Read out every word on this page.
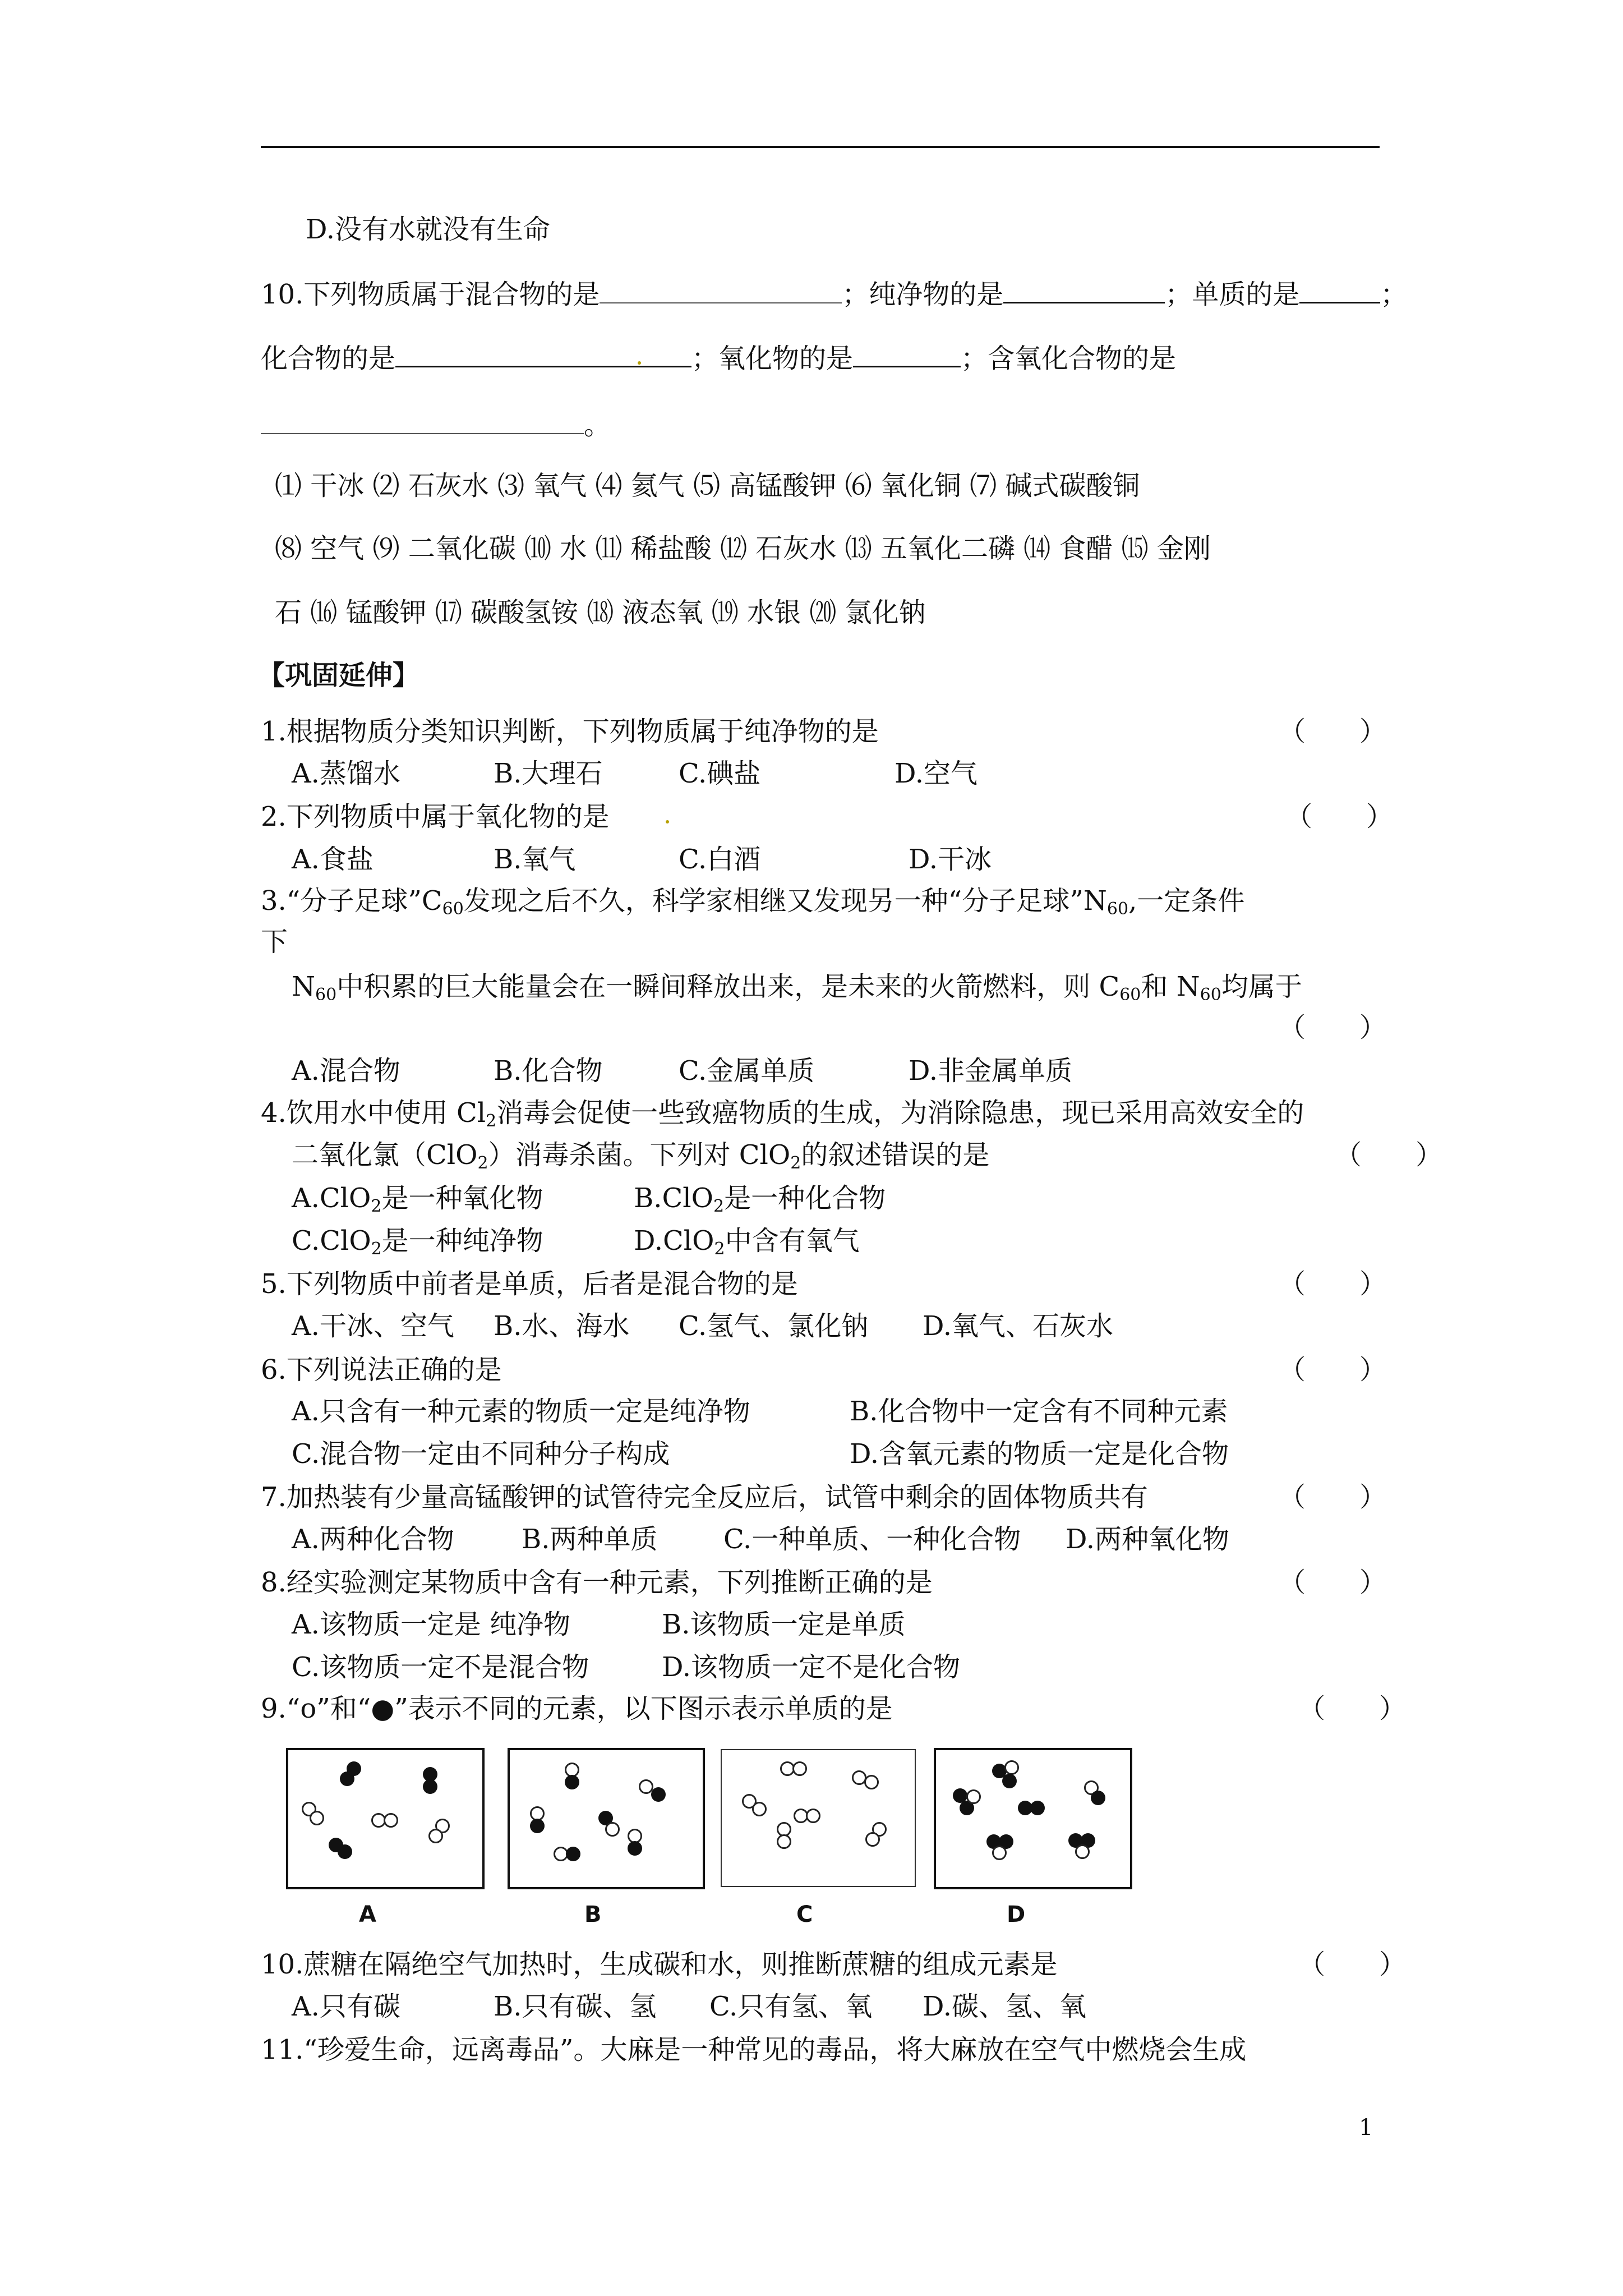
D.没有水就没有生命
10.下列物质属于混合物的是	；纯净物的是	；单质的是	；
化合物的是	；氧化物的是	；含氧化合物的是
。
⑴ 干冰 ⑵ 石灰水 ⑶ 氧气 ⑷ 氦气 ⑸ 高锰酸钾 ⑹ 氧化铜 ⑺ 碱式碳酸铜
⑻ 空气 ⑼ 二氧化碳 ⑽ 水 ⑾ 稀盐酸 ⑿ 石灰水 ⒀ 五氧化二磷 ⒁ 食醋 ⒂ 金刚
石 ⒃ 锰酸钾 ⒄ 碳酸氢铵 ⒅ 液态氧 ⒆ 水银 ⒇ 氯化钠
【巩固延伸】
1.根据物质分类知识判断，下列物质属于纯净物的是	（　　）
A.蒸馏水	B.大理石	C.碘盐	D.空气
2.下列物质中属于氧化物的是	（　　）
A.食盐	B.氧气	C.白酒	D.干冰
3.“分子足球$”C_{60}$发现之后不久，科学家相继又发现另一种“分子足球$”N_{60}$,一定条件
下
$N_{60}$中积累的巨大能量会在一瞬间释放出来，是未来的火箭燃料，则 $C_{60}$和 $N_{60}$均属于
（　　）
A.混合物	B.化合物	C.金属单质	D.非金属单质
4.饮用水中使用 $Cl_2$消毒会促使一些致癌物质的生成，为消除隐患，现已采用高效安全的
二氧化氯（ClO$_2$）消毒杀菌。下列对 ClO$_2$的叙述错误的是	（　　）
A.ClO$_2$是一种氧化物	B.ClO$_2$是一种化合物
C.ClO$_2$是一种纯净物	D.ClO$_2$中含有氧气
5.下列物质中前者是单质，后者是混合物的是	（　　）
A.干冰、空气 B.水、海水 C.氢气、氯化钠 D.氧气、石灰水
6.下列说法正确的是	（　　）
A.只含有一种元素的物质一定是纯净物	B.化合物中一定含有不同种元素
C.混合物一定由不同种分子构成	D.含氧元素的物质一定是化合物
7.加热装有少量高锰酸钾的试管待完全反应后，试管中剩余的固体物质共有	（　　）
A.两种化合物	B.两种单质 C.一种单质、一种化合物 D.两种氧化物
8.经实验测定某物质中含有一种元素，下列推断正确的是	（　　）
A.该物质一定是 纯净物	B.该物质一定是单质
C.该物质一定不是混合物	D.该物质一定不是化合物
9.“o”和“●”表示不同的元素，以下图示表示单质的是	（　　）
A	B	C	D
10.蔗糖在隔绝空气加热时，生成碳和水，则推断蔗糖的组成元素是	（　　）
A.只有碳	B.只有碳、氢 C.只有氢、氧 D.碳、氢、氧
11.“珍爱生命，远离毒品”。大麻是一种常见的毒品，将大麻放在空气中燃烧会生成
1
